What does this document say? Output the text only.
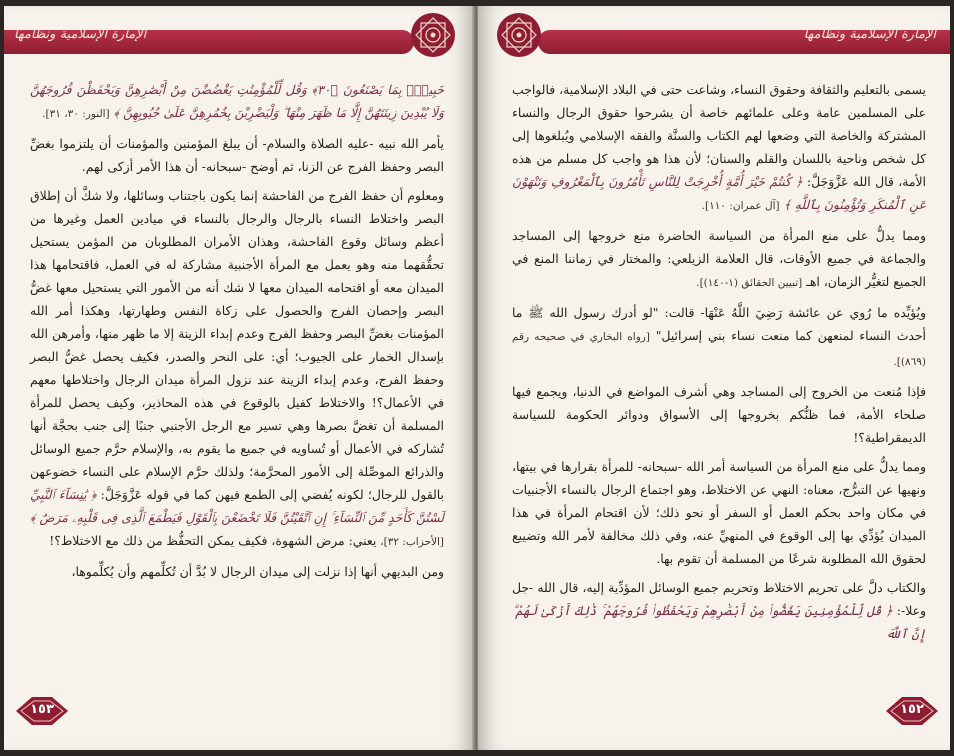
الإمارة الإسلامية ونظامها

خَبِيرٌۢ بِمَا يَصْنَعُونَ ﴿٣٠﴾ وَقُل لِّلْمُؤْمِنَٰتِ يَغْضُضْنَ مِنْ أَبْصَٰرِهِنَّ وَيَحْفَظْنَ فُرُوجَهُنَّ وَلَا يُبْدِينَ زِينَتَهُنَّ إِلَّا مَا ظَهَرَ مِنْهَا ۖ وَلْيَضْرِبْنَ بِخُمُرِهِنَّ عَلَىٰ جُيُوبِهِنَّ ﴾ [النور: ٣٠، ٣١].

يأمر الله نبيه -عليه الصلاة والسلام- أن يبلغ المؤمنين والمؤمنات أن يلتزموا بغضِّ البصر وحفظ الفرج عن الزنا، ثم أوضح -سبحانه- أن هذا الأمر أزكى لهم.

ومعلوم أن حفظ الفرج من الفاحشة إنما يكون باجتناب وسائلها، ولا شكَّ أن إطلاق البصر واختلاط النساء بالرجال والرجال بالنساء في ميادين العمل وغيرها من أعظم وسائل وقوع الفاحشة، وهذان الأمران المطلوبان من المؤمن يستحيل تحقُّقهما منه وهو يعمل مع المرأة الأجنبية مشاركة له في العمل، فاقتحامها هذا الميدان معه أو اقتحامه الميدان معها لا شك أنه من الأمور التي يستحيل معها غضُّ البصر وإحصان الفرج والحصول على زكاة النفس وطهارتها، وهكذا أمر الله المؤمنات بغضِّ البصر وحفظ الفرج وعدم إبداء الزينة إلا ما ظهر منها، وأمرهن الله بإسدال الخمار على الجيوب؛ أي: على النحر والصدر، فكيف يحصل غضُّ البصر وحفظ الفرج، وعدم إبداء الزينة عند نزول المرأة ميدان الرجال واختلاطها معهم في الأعمال؟! والاختلاط كفيل بالوقوع في هذه المحاذير، وكيف يحصل للمرأة المسلمة أن تغضَّ بصرها وهي تسير مع الرجل الأجنبي جنبًا إلى جنب بحجَّة أنها تُشاركه في الأعمال أو تُساويه في جميع ما يقوم به، والإسلام حرَّم جميع الوسائل والذرائع الموصِّلة إلى الأمور المحرَّمة؛ ولذلك حرَّم الإسلام على النساء خضوعهن بالقول للرجال؛ لكونه يُفضي إلى الطمع فيهن كما في قوله عَزَّوَجَلَّ: ﴿ يَٰنِسَآءَ ٱلنَّبِيِّ لَسْتُنَّ كَأَحَدٍ مِّنَ ٱلنِّسَآءِ ۚ إِنِ ٱتَّقَيْتُنَّ فَلَا تَخْضَعْنَ بِٱلْقَوْلِ فَيَطْمَعَ ٱلَّذِى فِى قَلْبِهِۦ مَرَضٌ ﴾ [الأحزاب: ٣٢]، يعني: مرض الشهوة، فكيف يمكن التحفُّظ من ذلك مع الاختلاط؟!

ومن البديهي أنها إذا نزلت إلى ميدان الرجال لا بُدَّ أن تُكلِّمهم وأن يُكلِّموها،

١٥٣
الإمارة الإسلامية ونظامها

يسمى بالتعليم والثقافة وحقوق النساء، وشاعت حتى في البلاد الإسلامية، فالواجب على المسلمين عامة وعلى علمائهم خاصة أن يشرحوا حقوق الرجال والنساء المشتركة والخاصة التي وضعها لهم الكتاب والسنَّة والفقه الإسلامي ويُبلغوها إلى كل شخص وناحية باللسان والقلم والسنان؛ لأن هذا هو واجب كل مسلم من هذه الأمة، قال الله عَزَّوَجَلَّ: ﴿ كُنتُمْ خَيْرَ أُمَّةٍ أُخْرِجَتْ لِلنَّاسِ تَأْمُرُونَ بِٱلْمَعْرُوفِ وَتَنْهَوْنَ عَنِ ٱلْمُنكَرِ وَتُؤْمِنُونَ بِٱللَّهِ ﴾ [آل عمران: ١١٠].

ومما يدلُّ على منع المرأة من السياسة الحاضرة منع خروجها إلى المساجد والجماعة في جميع الأوقات، قال العلامة الزيلعي: والمختار في زماننا المنع في الجميع لتغيُّر الزمان، اهـ [تبيين الحقائق (١-١٤٠)].

ويُؤيِّده ما رُوي عن عائشة رَضِيَ اللَّهُ عَنْهَا- قالت: "لو أدرك رسول الله ﷺ ما أحدث النساء لمنعهن كما منعت نساء بني إسرائيل" [رواه البخاري في صحيحه رقم (٨٦٩)].

فإذا مُنعت من الخروج إلى المساجد وهي أشرف المواضع في الدنيا، ويجمع فيها صلحاء الأمة، فما ظنُّكم بخروجها إلى الأسواق ودوائر الحكومة للسياسة الديمقراطية؟!

ومما يدلُّ على منع المرأة من السياسة أمر الله -سبحانه- للمرأة بقرارها في بيتها، ونهيها عن التبرُّج، معناه: النهي عن الاختلاط، وهو اجتماع الرجال بالنساء الأجنبيات في مكان واحد بحكم العمل أو السفر أو نحو ذلك؛ لأن اقتحام المرأة في هذا الميدان يُؤدِّي بها إلى الوقوع في المنهيِّ عنه، وفي ذلك مخالفة لأمر الله وتضييع لحقوق الله المطلوبة شرعًا من المسلمة أن تقوم بها.

والكتاب دلَّ على تحريم الاختلاط وتحريم جميع الوسائل المؤدِّية إليه، قال الله -جل وعلا-: ﴿ قُل لِّلْمُؤْمِنِينَ يَغُضُّوا۟ مِنْ أَبْصَٰرِهِمْ وَيَحْفَظُوا۟ فُرُوجَهُمْ ۚ ذَٰلِكَ أَزْكَىٰ لَهُمْ ۗ إِنَّ ٱللَّهَ

١٥٢
